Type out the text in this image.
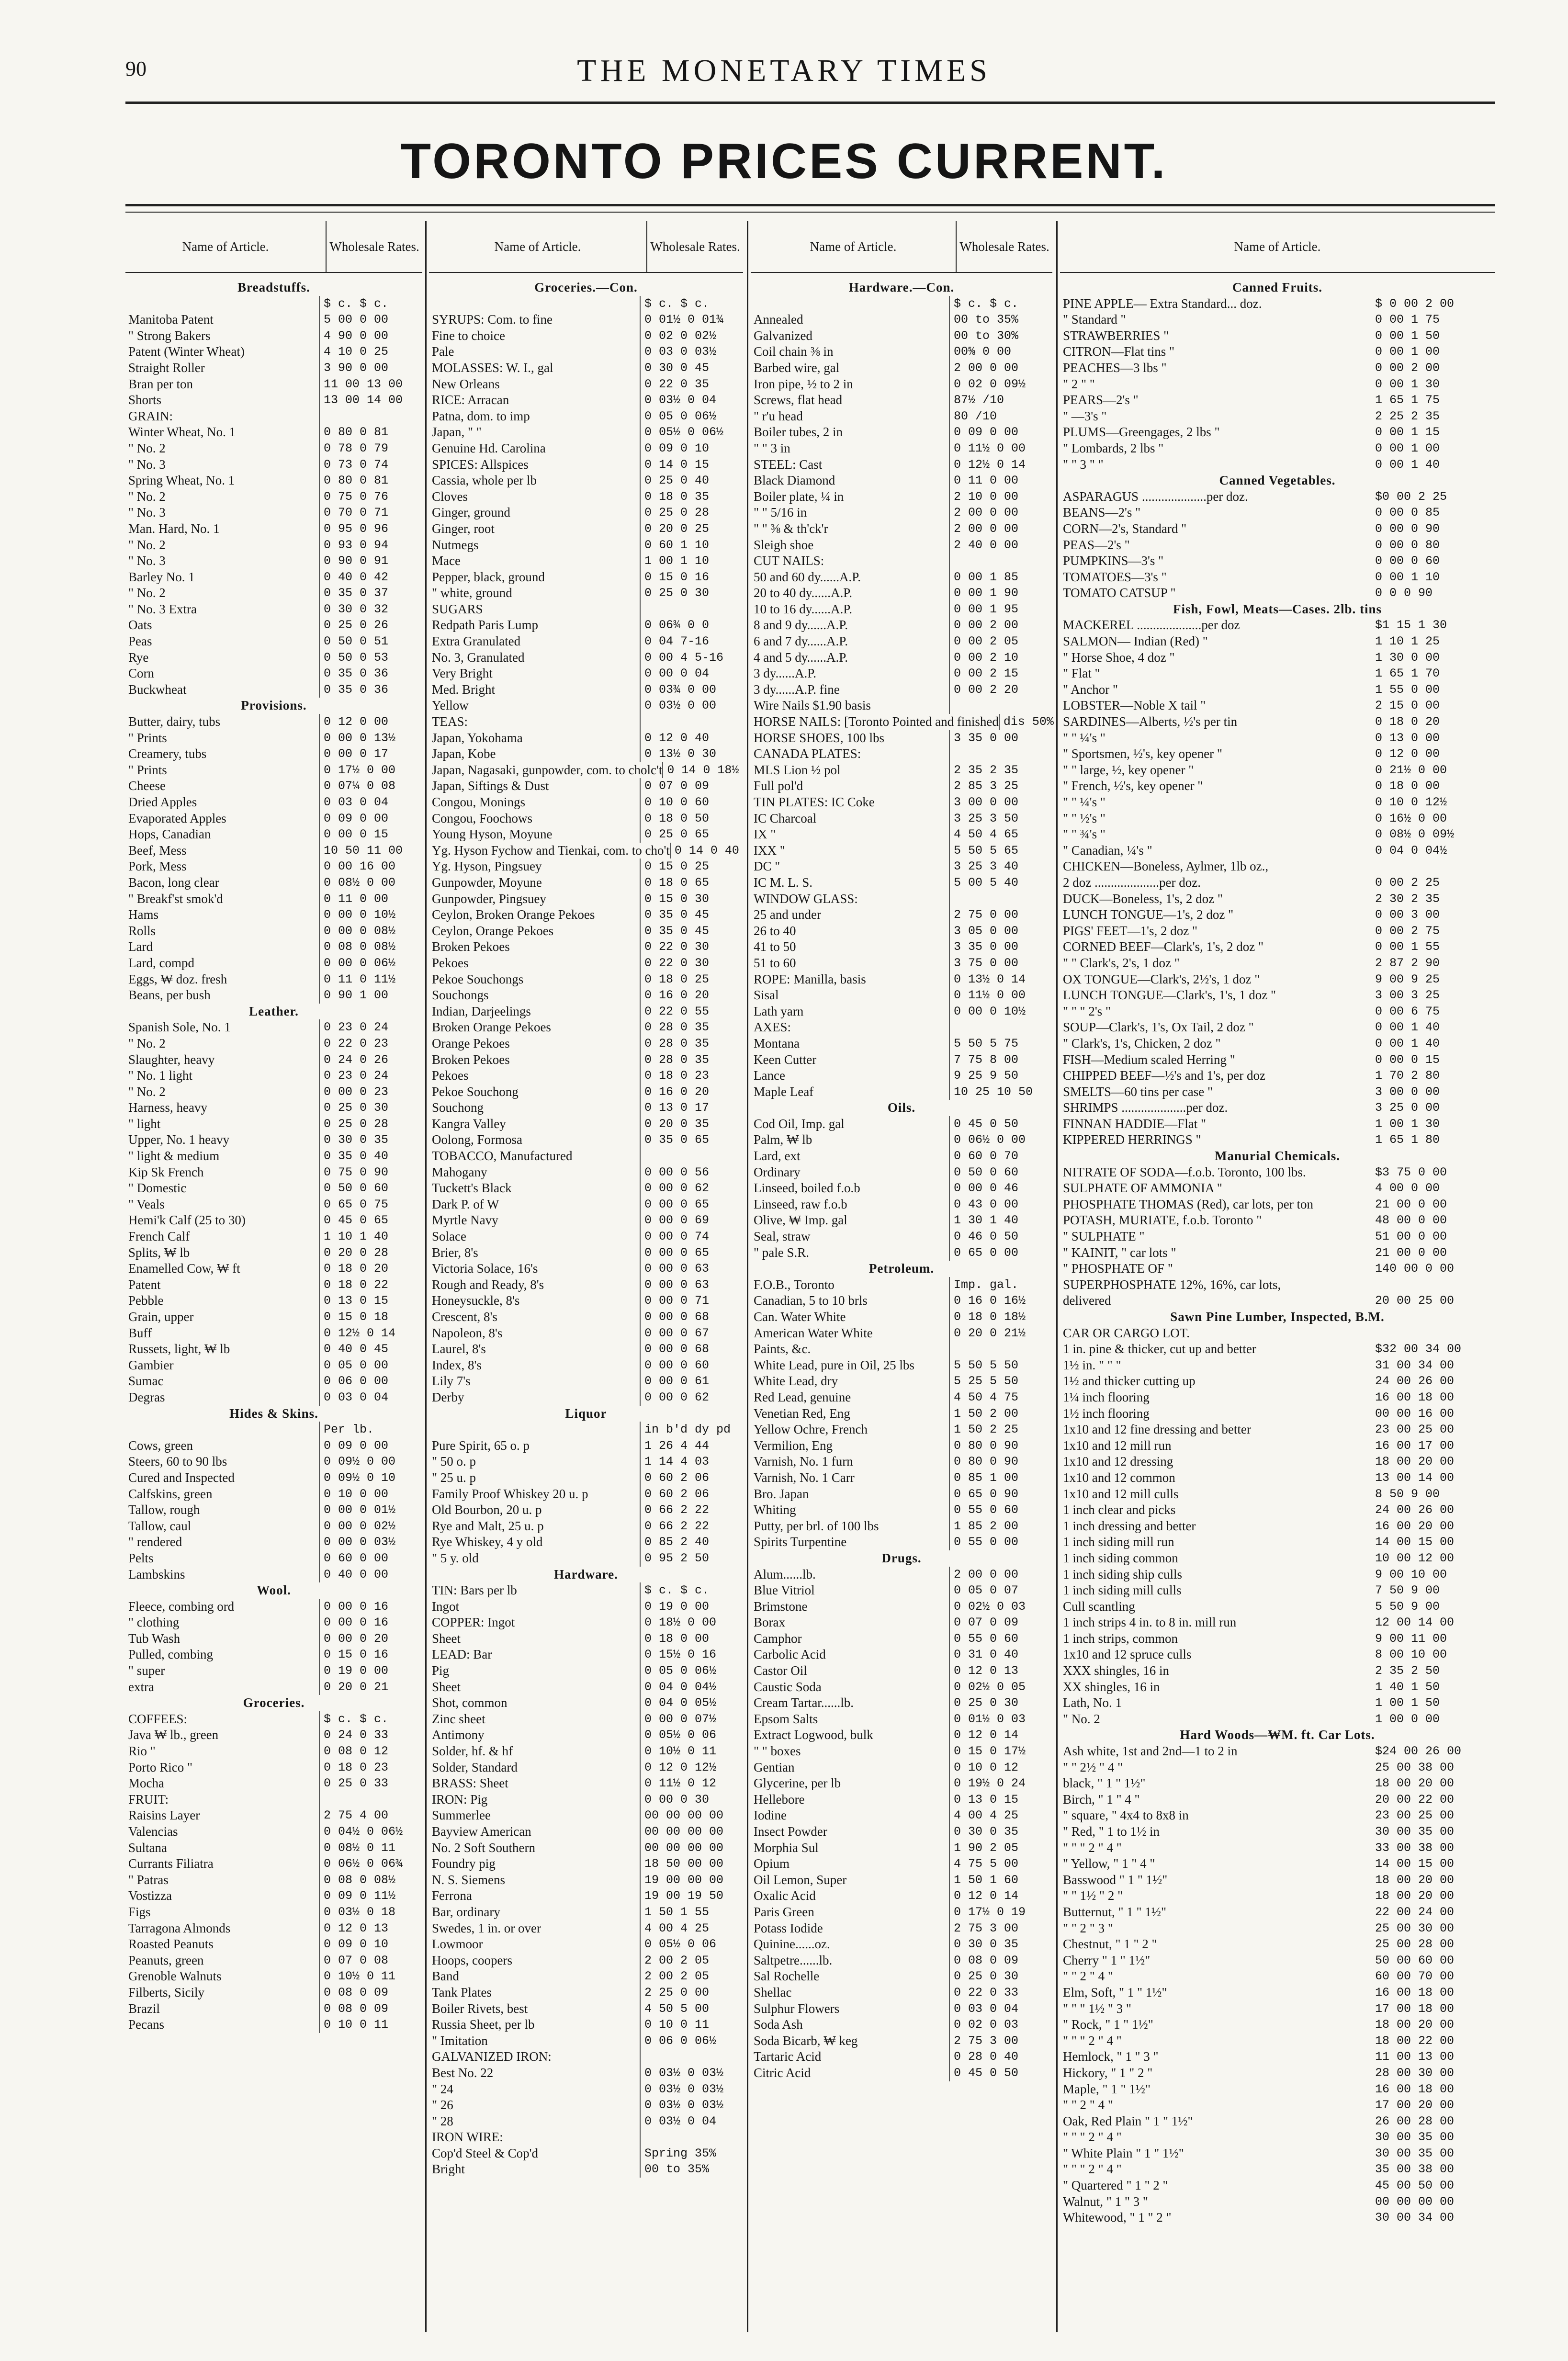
90	THE MONETARY TIMES
TORONTO PRICES CURRENT.
Name of Article.	Wholesale Rates.
Breadstuffs.
$ c. $ c.
Manitoba Patent	5 00 0 00
" Strong Bakers	4 90 0 00
Patent (Winter Wheat)	4 10 0 25
Straight Roller	3 90 0 00
Bran per ton	11 00 13 00
Shorts	13 00 14 00
GRAIN:
Winter Wheat, No. 1	0 80 0 81
" No. 2	0 78 0 79
" No. 3	0 73 0 74
Spring Wheat, No. 1	0 80 0 81
" No. 2	0 75 0 76
" No. 3	0 70 0 71
Man. Hard, No. 1	0 95 0 96
" No. 2	0 93 0 94
" No. 3	0 90 0 91
Barley No. 1	0 40 0 42
" No. 2	0 35 0 37
" No. 3 Extra	0 30 0 32
Oats	0 25 0 26
Peas	0 50 0 51
Rye	0 50 0 53
Corn	0 35 0 36
Buckwheat	0 35 0 36
Provisions.
Butter, dairy, tubs	0 12 0 00
" Prints	0 00 0 13½
Creamery, tubs	0 00 0 17
" Prints	0 17½ 0 00
Cheese	0 07¼ 0 08
Dried Apples	0 03 0 04
Evaporated Apples	0 09 0 00
Hops, Canadian	0 00 0 15
Beef, Mess	10 50 11 00
Pork, Mess	0 00 16 00
Bacon, long clear	0 08½ 0 00
" Breakf'st smok'd	0 11 0 00
Hams	0 00 0 10½
Rolls	0 00 0 08½
Lard	0 08 0 08½
Lard, compd	0 00 0 06½
Eggs, ₩ doz. fresh	0 11 0 11½
Beans, per bush	0 90 1 00
Leather.
Spanish Sole, No. 1	0 23 0 24
" No. 2	0 22 0 23
Slaughter, heavy	0 24 0 26
" No. 1 light	0 23 0 24
" No. 2	0 00 0 23
Harness, heavy	0 25 0 30
" light	0 25 0 28
Upper, No. 1 heavy	0 30 0 35
" light & medium	0 35 0 40
Kip Sk French	0 75 0 90
" Domestic	0 50 0 60
" Veals	0 65 0 75
Hemi'k Calf (25 to 30)	0 45 0 65
French Calf	1 10 1 40
Splits, ₩ lb	0 20 0 28
Enamelled Cow, ₩ ft	0 18 0 20
Patent	0 18 0 22
Pebble	0 13 0 15
Grain, upper	0 15 0 18
Buff	0 12½ 0 14
Russets, light, ₩ lb	0 40 0 45
Gambier	0 05 0 00
Sumac	0 06 0 00
Degras	0 03 0 04
Hides & Skins.
Per lb.
Cows, green	0 09 0 00
Steers, 60 to 90 lbs	0 09½ 0 00
Cured and Inspected	0 09½ 0 10
Calfskins, green	0 10 0 00
Tallow, rough	0 00 0 01½
Tallow, caul	0 00 0 02½
" rendered	0 00 0 03½
Pelts	0 60 0 00
Lambskins	0 40 0 00
Wool.
Fleece, combing ord	0 00 0 16
" clothing	0 00 0 16
Tub Wash	0 00 0 20
Pulled, combing	0 15 0 16
" super	0 19 0 00
extra	0 20 0 21
Groceries.
COFFEES:	$ c. $ c.
Java ₩ lb., green	0 24 0 33
Rio "	0 08 0 12
Porto Rico "	0 18 0 23
Mocha	0 25 0 33
FRUIT:
Raisins Layer	2 75 4 00
Valencias	0 04½ 0 06½
Sultana	0 08½ 0 11
Currants Filiatra	0 06½ 0 06¾
" Patras	0 08 0 08½
Vostizza	0 09 0 11½
Figs	0 03½ 0 18
Tarragona Almonds	0 12 0 13
Roasted Peanuts	0 09 0 10
Peanuts, green	0 07 0 08
Grenoble Walnuts	0 10½ 0 11
Filberts, Sicily	0 08 0 09
Brazil	0 08 0 09
Pecans	0 10 0 11
Name of Article.	Wholesale Rates.
Groceries.—Con.
$ c. $ c.
SYRUPS: Com. to fine	0 01½ 0 01¾
Fine to choice	0 02 0 02½
Pale	0 03 0 03½
MOLASSES: W. I., gal	0 30 0 45
New Orleans	0 22 0 35
RICE: Arracan	0 03½ 0 04
Patna, dom. to imp	0 05 0 06½
Japan, " "	0 05½ 0 06½
Genuine Hd. Carolina	0 09 0 10
SPICES: Allspices	0 14 0 15
Cassia, whole per lb	0 25 0 40
Cloves	0 18 0 35
Ginger, ground	0 25 0 28
Ginger, root	0 20 0 25
Nutmegs	0 60 1 10
Mace	1 00 1 10
Pepper, black, ground	0 15 0 16
" white, ground	0 25 0 30
SUGARS
Redpath Paris Lump	0 06¾ 0 0
Extra Granulated	0 04 7-16
No. 3, Granulated	0 00 4 5-16
Very Bright	0 00 0 04
Med. Bright	0 03¾ 0 00
Yellow	0 03½ 0 00
TEAS:
Japan, Yokohama	0 12 0 40
Japan, Kobe	0 13½ 0 30
Japan, Nagasaki, gunpowder, com. to cholc't 0 14 0 18½
Japan, Siftings & Dust	0 07 0 09
Congou, Monings	0 10 0 60
Congou, Foochows	0 18 0 50
Young Hyson, Moyune	0 25 0 65
Yg. Hyson Fychow and Tienkai, com. to cho't 0 14 0 40
Yg. Hyson, Pingsuey	0 15 0 25
Gunpowder, Moyune	0 18 0 65
Gunpowder, Pingsuey	0 15 0 30
Ceylon, Broken Orange Pekoes	0 35 0 45
Ceylon, Orange Pekoes	0 35 0 45
Broken Pekoes	0 22 0 30
Pekoes	0 22 0 30
Pekoe Souchongs	0 18 0 25
Souchongs	0 16 0 20
Indian, Darjeelings	0 22 0 55
Broken Orange Pekoes	0 28 0 35
Orange Pekoes	0 28 0 35
Broken Pekoes	0 28 0 35
Pekoes	0 18 0 23
Pekoe Souchong	0 16 0 20
Souchong	0 13 0 17
Kangra Valley	0 20 0 35
Oolong, Formosa	0 35 0 65
TOBACCO, Manufactured
Mahogany	0 00 0 56
Tuckett's Black	0 00 0 62
Dark P. of W	0 00 0 65
Myrtle Navy	0 00 0 69
Solace	0 00 0 74
Brier, 8's	0 00 0 65
Victoria Solace, 16's	0 00 0 63
Rough and Ready, 8's	0 00 0 63
Honeysuckle, 8's	0 00 0 71
Crescent, 8's	0 00 0 68
Napoleon, 8's	0 00 0 67
Laurel, 8's	0 00 0 68
Index, 8's	0 00 0 60
Lily 7's	0 00 0 61
Derby	0 00 0 62
Liquor
in b'd dy pd
Pure Spirit, 65 o. p	1 26 4 44
" 50 o. p	1 14 4 03
" 25 u. p	0 60 2 06
Family Proof Whiskey 20 u. p	0 60 2 06
Old Bourbon, 20 u. p	0 66 2 22
Rye and Malt, 25 u. p	0 66 2 22
Rye Whiskey, 4 y old	0 85 2 40
" 5 y. old	0 95 2 50
Hardware.
TIN: Bars per lb	$ c. $ c.
Ingot	0 19 0 00
COPPER: Ingot	0 18½ 0 00
Sheet	0 18 0 00
LEAD: Bar	0 15½ 0 16
Pig	0 05 0 06½
Sheet	0 04 0 04½
Shot, common	0 04 0 05½
Zinc sheet	0 00 0 07½
Antimony	0 05½ 0 06
Solder, hf. & hf	0 10½ 0 11
Solder, Standard	0 12 0 12½
BRASS: Sheet	0 11½ 0 12
IRON: Pig	0 00 0 30
Summerlee	00 00 00 00
Bayview American	00 00 00 00
No. 2 Soft Southern	00 00 00 00
Foundry pig	18 50 00 00
N. S. Siemens	19 00 00 00
Ferrona	19 00 19 50
Bar, ordinary	1 50 1 55
Swedes, 1 in. or over	4 00 4 25
Lowmoor	0 05½ 0 06
Hoops, coopers	2 00 2 05
Band	2 00 2 05
Tank Plates	2 25 0 00
Boiler Rivets, best	4 50 5 00
Russia Sheet, per lb	0 10 0 11
" Imitation	0 06 0 06½
GALVANIZED IRON:
Best No. 22	0 03½ 0 03½
" 24	0 03½ 0 03½
" 26	0 03½ 0 03½
" 28	0 03½ 0 04
IRON WIRE:
Cop'd Steel & Cop'd	Spring 35%
Bright	00 to 35%
Name of Article.	Wholesale Rates.
Hardware.—Con.
$ c. $ c.
Annealed	00 to 35%
Galvanized	00 to 30%
Coil chain ⅜ in	00⅝ 0 00
Barbed wire, gal	2 00 0 00
Iron pipe, ½ to 2 in	0 02 0 09½
Screws, flat head	87½ /10
" r'u head	80 /10
Boiler tubes, 2 in	0 09 0 00
" " 3 in	0 11½ 0 00
STEEL: Cast	0 12½ 0 14
Black Diamond	0 11 0 00
Boiler plate, ¼ in	2 10 0 00
" " 5/16 in	2 00 0 00
" " ⅜ & th'ck'r	2 00 0 00
Sleigh shoe	2 40 0 00
CUT NAILS:
50 and 60 dy......A.P.	0 00 1 85
20 to 40 dy......A.P.	0 00 1 90
10 to 16 dy......A.P.	0 00 1 95
8 and 9 dy......A.P.	0 00 2 00
6 and 7 dy......A.P.	0 00 2 05
4 and 5 dy......A.P.	0 00 2 10
3 dy......A.P.	0 00 2 15
3 dy......A.P. fine	0 00 2 20
Wire Nails $1.90 basis
HORSE NAILS: [Toronto Pointed and finished dis 50%
HORSE SHOES, 100 lbs	3 35 0 00
CANADA PLATES:
MLS Lion ½ pol	2 35 2 35
Full pol'd	2 85 3 25
TIN PLATES: IC Coke	3 00 0 00
IC Charcoal	3 25 3 50
IX "	4 50 4 65
IXX "	5 50 5 65
DC "	3 25 3 40
IC M. L. S.	5 00 5 40
WINDOW GLASS:
25 and under	2 75 0 00
26 to 40	3 05 0 00
41 to 50	3 35 0 00
51 to 60	3 75 0 00
ROPE: Manilla, basis	0 13½ 0 14
Sisal	0 11½ 0 00
Lath yarn	0 00 0 10½
AXES:
Montana	5 50 5 75
Keen Cutter	7 75 8 00
Lance	9 25 9 50
Maple Leaf	10 25 10 50
Oils.
Cod Oil, Imp. gal	0 45 0 50
Palm, ₩ lb	0 06½ 0 00
Lard, ext	0 60 0 70
Ordinary	0 50 0 60
Linseed, boiled f.o.b	0 00 0 46
Linseed, raw f.o.b	0 43 0 00
Olive, ₩ Imp. gal	1 30 1 40
Seal, straw	0 46 0 50
" pale S.R.	0 65 0 00
Petroleum.
F.O.B., Toronto	Imp. gal.
Canadian, 5 to 10 brls	0 16 0 16½
Can. Water White	0 18 0 18½
American Water White	0 20 0 21½
Paints, &c.
White Lead, pure in Oil, 25 lbs	5 50 5 50
White Lead, dry	5 25 5 50
Red Lead, genuine	4 50 4 75
Venetian Red, Eng	1 50 2 00
Yellow Ochre, French	1 50 2 25
Vermilion, Eng	0 80 0 90
Varnish, No. 1 furn	0 80 0 90
Varnish, No. 1 Carr	0 85 1 00
Bro. Japan	0 65 0 90
Whiting	0 55 0 60
Putty, per brl. of 100 lbs	1 85 2 00
Spirits Turpentine	0 55 0 00
Drugs.
Alum......lb.	2 00 0 00
Blue Vitriol	0 05 0 07
Brimstone	0 02½ 0 03
Borax	0 07 0 09
Camphor	0 55 0 60
Carbolic Acid	0 31 0 40
Castor Oil	0 12 0 13
Caustic Soda	0 02½ 0 05
Cream Tartar......lb.	0 25 0 30
Epsom Salts	0 01½ 0 03
Extract Logwood, bulk	0 12 0 14
" " boxes	0 15 0 17½
Gentian	0 10 0 12
Glycerine, per lb	0 19½ 0 24
Hellebore	0 13 0 15
Iodine	4 00 4 25
Insect Powder	0 30 0 35
Morphia Sul	1 90 2 05
Opium	4 75 5 00
Oil Lemon, Super	1 50 1 60
Oxalic Acid	0 12 0 14
Paris Green	0 17½ 0 19
Potass Iodide	2 75 3 00
Quinine......oz.	0 30 0 35
Saltpetre......lb.	0 08 0 09
Sal Rochelle	0 25 0 30
Shellac	0 22 0 33
Sulphur Flowers	0 03 0 04
Soda Ash	0 02 0 03
Soda Bicarb, ₩ keg	2 75 3 00
Tartaric Acid	0 28 0 40
Citric Acid	0 45 0 50
Name of Article.
Canned Fruits.
PINE APPLE— Extra Standard... doz.	$ 0 00 2 00
" Standard "	0 00 1 75
STRAWBERRIES "	0 00 1 50
CITRON—Flat tins "	0 00 1 00
PEACHES—3 lbs "	0 00 2 00
" 2 " "	0 00 1 30
PEARS—2's "	1 65 1 75
" —3's "	2 25 2 35
PLUMS—Greengages, 2 lbs "	0 00 1 15
" Lombards, 2 lbs "	0 00 1 00
" " 3 " "	0 00 1 40
Canned Vegetables.
ASPARAGUS ....................per doz.	$0 00 2 25
BEANS—2's "	0 00 0 85
CORN—2's, Standard "	0 00 0 90
PEAS—2's "	0 00 0 80
PUMPKINS—3's "	0 00 0 60
TOMATOES—3's "	0 00 1 10
TOMATO CATSUP "	0 0 0 90
Fish, Fowl, Meats—Cases. 2lb. tins
MACKEREL ....................per doz	$1 15 1 30
SALMON— Indian (Red) "	1 10 1 25
" Horse Shoe, 4 doz "	1 30 0 00
" Flat "	1 65 1 70
" Anchor "	1 55 0 00
LOBSTER—Noble X tail "	2 15 0 00
SARDINES—Alberts, ½'s per tin	0 18 0 20
" " ¼'s "	0 13 0 00
" Sportsmen, ½'s, key opener "	0 12 0 00
" " large, ½, key opener "	0 21½ 0 00
" French, ½'s, key opener "	0 18 0 00
" " ¼'s "	0 10 0 12½
" " ½'s "	0 16½ 0 00
" " ¾'s "	0 08½ 0 09½
" Canadian, ¼'s "	0 04 0 04½
CHICKEN—Boneless, Aylmer, 1lb oz.,
2 doz ....................per doz.	0 00 2 25
DUCK—Boneless, 1's, 2 doz "	2 30 2 35
LUNCH TONGUE—1's, 2 doz "	0 00 3 00
PIGS' FEET—1's, 2 doz "	0 00 2 75
CORNED BEEF—Clark's, 1's, 2 doz "	0 00 1 55
" " Clark's, 2's, 1 doz "	2 87 2 90
OX TONGUE—Clark's, 2½'s, 1 doz "	9 00 9 25
LUNCH TONGUE—Clark's, 1's, 1 doz "	3 00 3 25
" " " 2's "	0 00 6 75
SOUP—Clark's, 1's, Ox Tail, 2 doz "	0 00 1 40
" Clark's, 1's, Chicken, 2 doz "	0 00 1 40
FISH—Medium scaled Herring "	0 00 0 15
CHIPPED BEEF—½'s and 1's, per doz	1 70 2 80
SMELTS—60 tins per case "	3 00 0 00
SHRIMPS ....................per doz.	3 25 0 00
FINNAN HADDIE—Flat "	1 00 1 30
KIPPERED HERRINGS "	1 65 1 80
Manurial Chemicals.
NITRATE OF SODA—f.o.b. Toronto, 100 lbs.	$3 75 0 00
SULPHATE OF AMMONIA "	4 00 0 00
PHOSPHATE THOMAS (Red), car lots, per ton	21 00 0 00
POTASH, MURIATE, f.o.b. Toronto "	48 00 0 00
" SULPHATE "	51 00 0 00
" KAINIT, " car lots "	21 00 0 00
" PHOSPHATE OF "	140 00 0 00
SUPERPHOSPHATE 12%, 16%, car lots,
delivered	20 00 25 00
Sawn Pine Lumber, Inspected, B.M.
CAR OR CARGO LOT.
1 in. pine & thicker, cut up and better	$32 00 34 00
1½ in. " " "	31 00 34 00
1½ and thicker cutting up	24 00 26 00
1¼ inch flooring	16 00 18 00
1½ inch flooring	00 00 16 00
1x10 and 12 fine dressing and better	23 00 25 00
1x10 and 12 mill run	16 00 17 00
1x10 and 12 dressing	18 00 20 00
1x10 and 12 common	13 00 14 00
1x10 and 12 mill culls	8 50 9 00
1 inch clear and picks	24 00 26 00
1 inch dressing and better	16 00 20 00
1 inch siding mill run	14 00 15 00
1 inch siding common	10 00 12 00
1 inch siding ship culls	9 00 10 00
1 inch siding mill culls	7 50 9 00
Cull scantling	5 50 9 00
1 inch strips 4 in. to 8 in. mill run	12 00 14 00
1 inch strips, common	9 00 11 00
1x10 and 12 spruce culls	8 00 10 00
XXX shingles, 16 in	2 35 2 50
XX shingles, 16 in	1 40 1 50
Lath, No. 1	1 00 1 50
" No. 2	1 00 0 00
Hard Woods—₩M. ft. Car Lots.
Ash white, 1st and 2nd—1 to 2 in	$24 00 26 00
" " 2½ " 4 "	25 00 38 00
black, " 1 " 1½"	18 00 20 00
Birch, " 1 " 4 "	20 00 22 00
" square, " 4x4 to 8x8 in	23 00 25 00
" Red, " 1 to 1½ in	30 00 35 00
" " " 2 " 4 "	33 00 38 00
" Yellow, " 1 " 4 "	14 00 15 00
Basswood " 1 " 1½"	18 00 20 00
" " 1½ " 2 "	18 00 20 00
Butternut, " 1 " 1½"	22 00 24 00
" " 2 " 3 "	25 00 30 00
Chestnut, " 1 " 2 "	25 00 28 00
Cherry " 1 " 1½"	50 00 60 00
" " 2 " 4 "	60 00 70 00
Elm, Soft, " 1 " 1½"	16 00 18 00
" " " 1½ " 3 "	17 00 18 00
" Rock, " 1 " 1½"	18 00 20 00
" " " 2 " 4 "	18 00 22 00
Hemlock, " 1 " 3 "	11 00 13 00
Hickory, " 1 " 2 "	28 00 30 00
Maple, " 1 " 1½"	16 00 18 00
" " 2 " 4 "	17 00 20 00
Oak, Red Plain " 1 " 1½"	26 00 28 00
" " " 2 " 4 "	30 00 35 00
" White Plain " 1 " 1½"	30 00 35 00
" " " 2 " 4 "	35 00 38 00
" Quartered " 1 " 2 "	45 00 50 00
Walnut, " 1 " 3 "	00 00 00 00
Whitewood, " 1 " 2 "	30 00 34 00
